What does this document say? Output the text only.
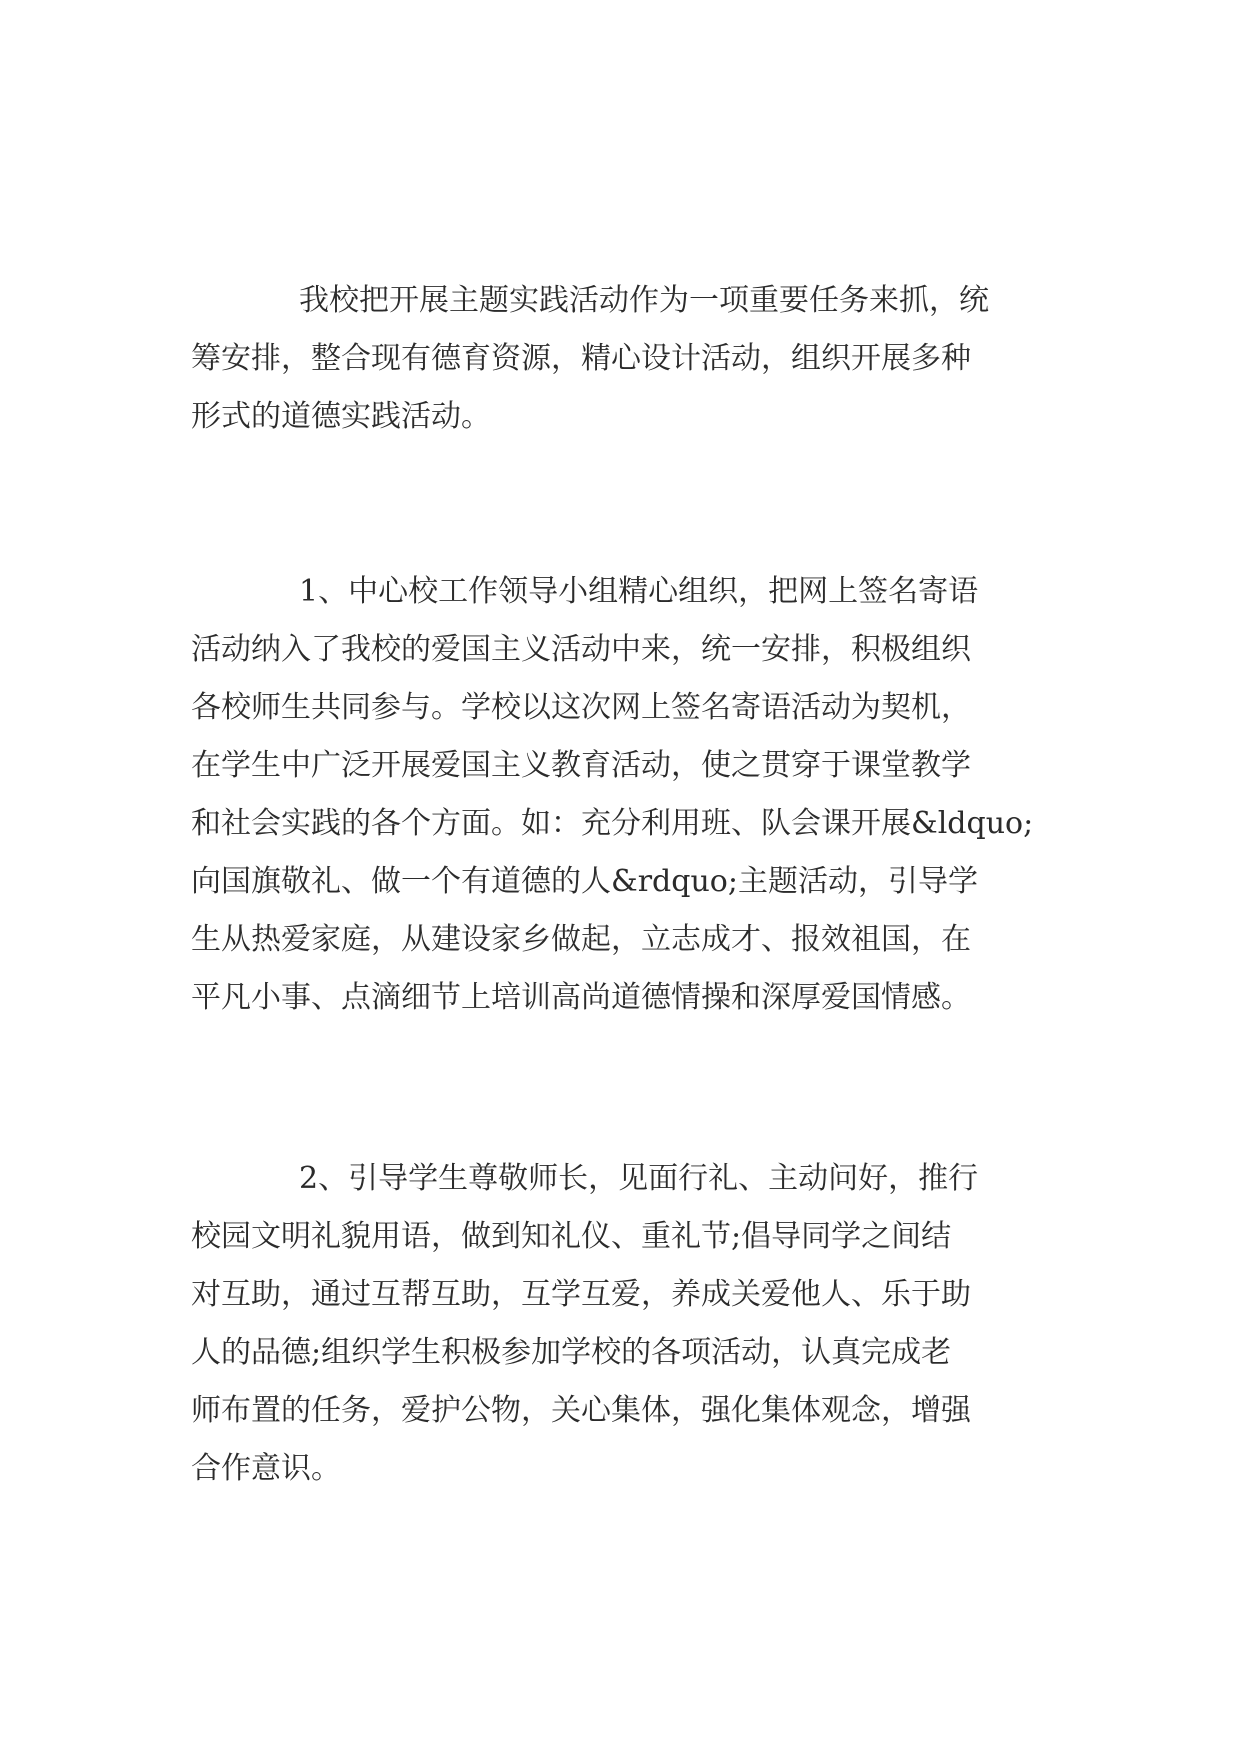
我校把开展主题实践活动作为一项重要任务来抓，统
筹安排，整合现有德育资源，精心设计活动，组织开展多种
形式的道德实践活动。

1、中心校工作领导小组精心组织，把网上签名寄语
活动纳入了我校的爱国主义活动中来，统一安排，积极组织
各校师生共同参与。学校以这次网上签名寄语活动为契机，
在学生中广泛开展爱国主义教育活动，使之贯穿于课堂教学
和社会实践的各个方面。如：充分利用班、队会课开展&ldquo;
向国旗敬礼、做一个有道德的人&rdquo;主题活动，引导学
生从热爱家庭，从建设家乡做起，立志成才、报效祖国，在
平凡小事、点滴细节上培训高尚道德情操和深厚爱国情感。

2、引导学生尊敬师长，见面行礼、主动问好，推行
校园文明礼貌用语，做到知礼仪、重礼节;倡导同学之间结
对互助，通过互帮互助，互学互爱，养成关爱他人、乐于助
人的品德;组织学生积极参加学校的各项活动，认真完成老
师布置的任务，爱护公物，关心集体，强化集体观念，增强
合作意识。
